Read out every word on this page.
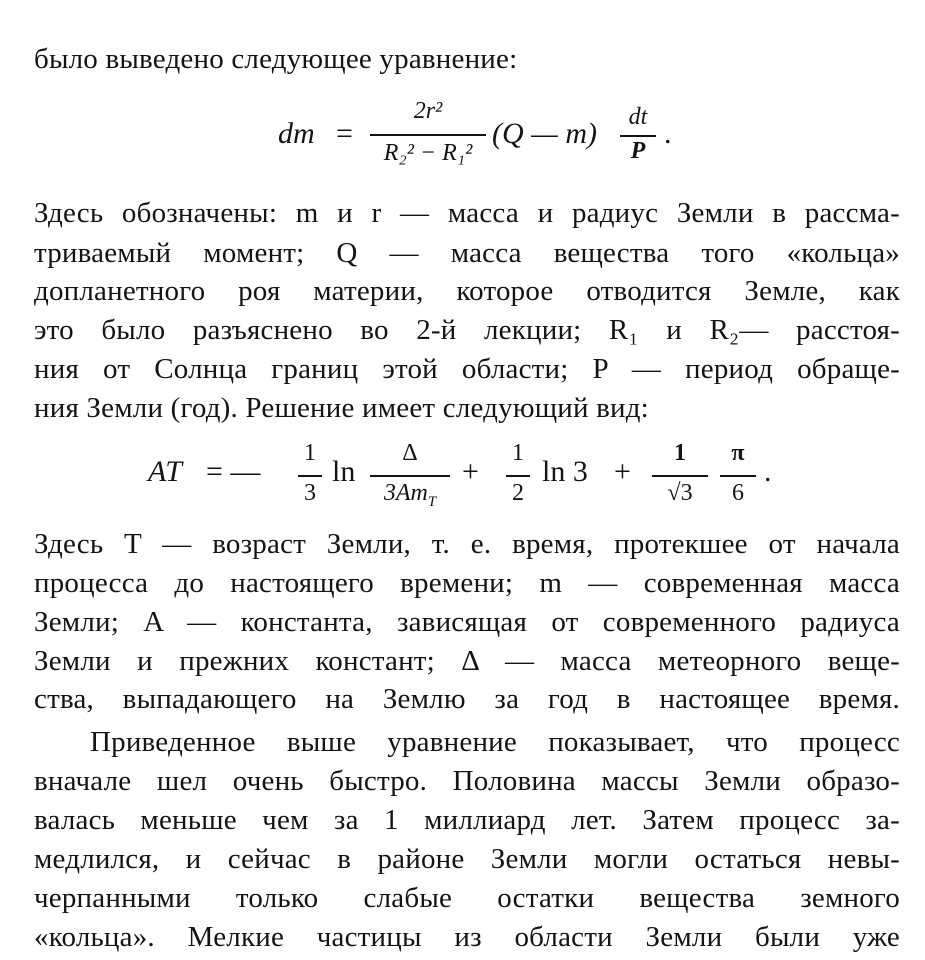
было выведено следующее уравнение:
dm =
2r²
R₂² − R₁²
(Q — m)	dt
P
.
Здесь обозначены: m и r — масса и радиус Земли в рассма-
триваемый момент; Q — масса вещества того «кольца»
допланетного роя материи, которое отводится Земле, как
это было разъяснено во 2-й лекции; R₁ и R₂— расстоя-
ния от Солнца границ этой области; P — период обраще-
ния Земли (год). Решение имеет следующий вид:
AT = —
1
3
ln
Δ
$3Am_T$
+
1
2
ln 3 +
1
√3
π
6
.
Здесь T — возраст Земли, т. е. время, протекшее от начала
процесса до настоящего времени; m — современная масса
Земли; A — константа, зависящая от современного радиуса
Земли и прежних констант; Δ — масса метеорного веще-
ства, выпадающего на Землю за год в настоящее время.
Приведенное выше уравнение показывает, что процесс
вначале шел очень быстро. Половина массы Земли образо-
валась меньше чем за 1 миллиард лет. Затем процесс за-
медлился, и сейчас в районе Земли могли остаться невы-
черпанными только слабые остатки вещества земного
«кольца». Мелкие частицы из области Земли были уже
